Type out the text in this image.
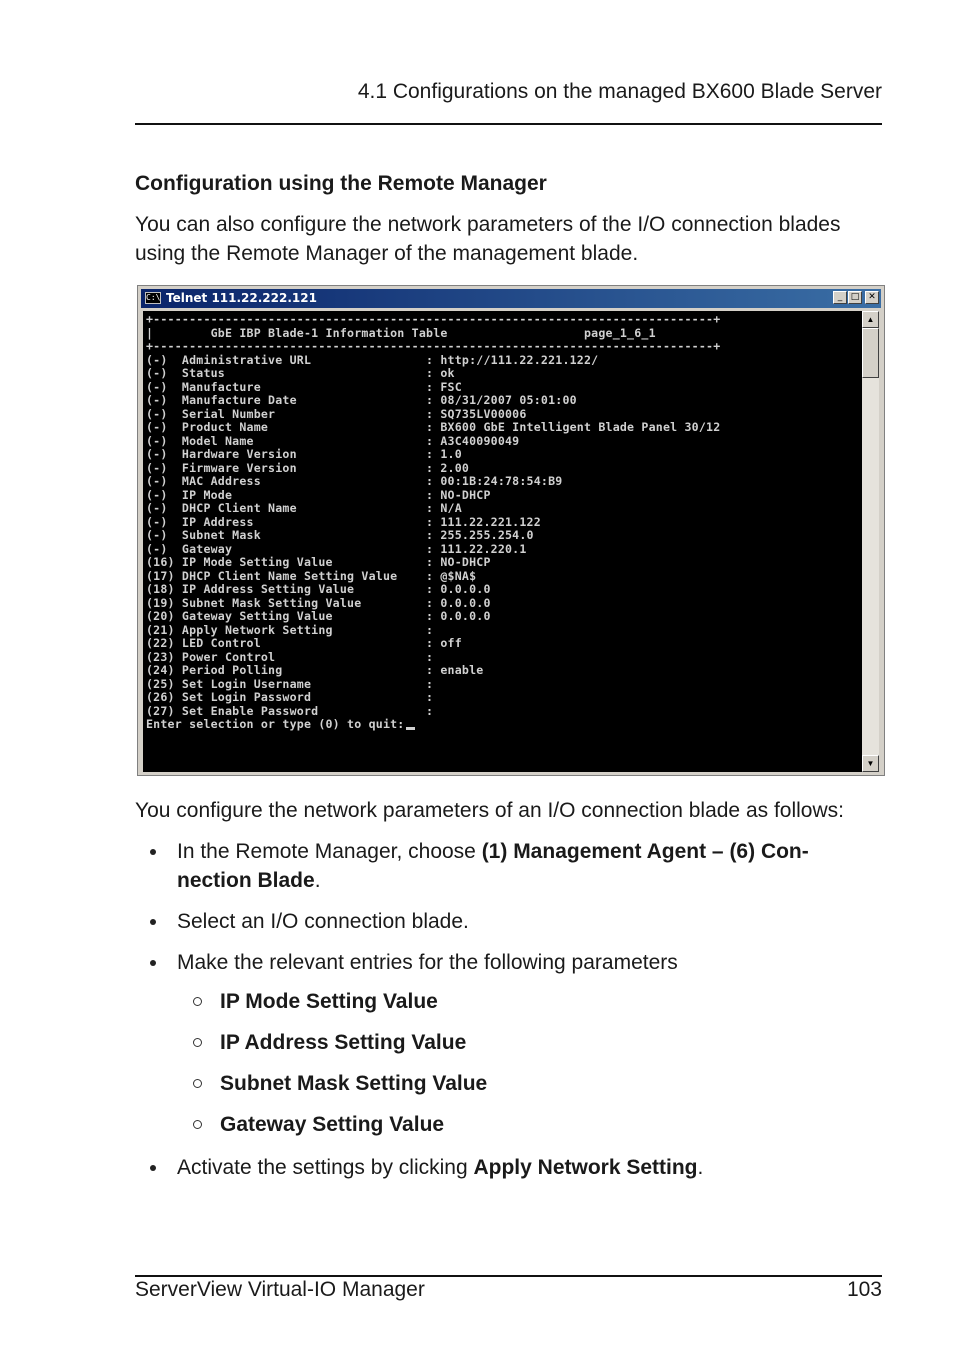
4.1 Configurations on the managed BX600 Blade Server
Configuration using the Remote Manager
You can also configure the network parameters of the I/O connection blades using the Remote Manager of the management blade.
C:\ Telnet 111.22.222.121	_ □ ✕
+------------------------------------------------------------------------------+
|        GbE IBP Blade-1 Information Table                   page_1_6_1
+------------------------------------------------------------------------------+
(-)  Administrative URL                : http://111.22.221.122/
(-)  Status                            : ok
(-)  Manufacture                       : FSC
(-)  Manufacture Date                  : 08/31/2007 05:01:00
(-)  Serial Number                     : SQ735LV00006
(-)  Product Name                      : BX600 GbE Intelligent Blade Panel 30/12
(-)  Model Name                        : A3C40090049
(-)  Hardware Version                  : 1.0
(-)  Firmware Version                  : 2.00
(-)  MAC Address                       : 00:1B:24:78:54:B9
(-)  IP Mode                           : NO-DHCP
(-)  DHCP Client Name                  : N/A
(-)  IP Address                        : 111.22.221.122
(-)  Subnet Mask                       : 255.255.254.0
(-)  Gateway                           : 111.22.220.1
(16) IP Mode Setting Value             : NO-DHCP
(17) DHCP Client Name Setting Value    : @$NA$
(18) IP Address Setting Value          : 0.0.0.0
(19) Subnet Mask Setting Value         : 0.0.0.0
(20) Gateway Setting Value             : 0.0.0.0
(21) Apply Network Setting             :
(22) LED Control                       : off
(23) Power Control                     :
(24) Period Polling                    : enable
(25) Set Login Username                :
(26) Set Login Password                :
(27) Set Enable Password               :
Enter selection or type (0) to quit:
▲
▼
You configure the network parameters of an I/O connection blade as follows:
In the Remote Manager, choose (1) Management Agent – (6) Con-
nection Blade.
Select an I/O connection blade.
Make the relevant entries for the following parameters
IP Mode Setting Value
IP Address Setting Value
Subnet Mask Setting Value
Gateway Setting Value
Activate the settings by clicking Apply Network Setting.
ServerView Virtual-IO Manager	103
